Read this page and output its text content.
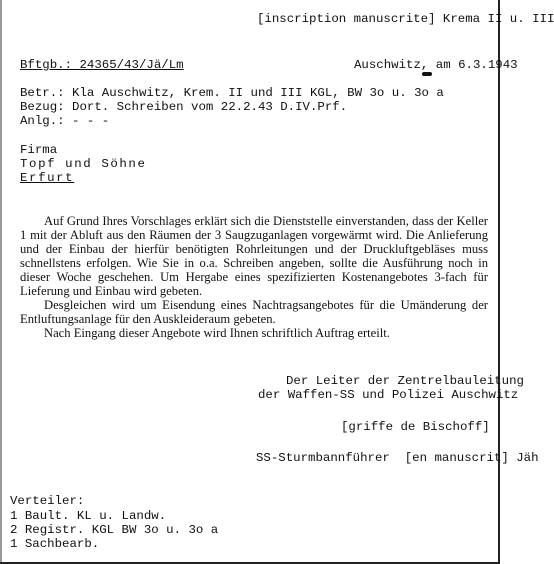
[inscription manuscrite] Krema II u. III
Bftgb.: 24365/43/Jä/Lm	Auschwitz, am 6.3.1943
Betr.: Kla Auschwitz, Krem. II und III KGL, BW 3o u. 3o a
Bezug: Dort. Schreiben vom 22.2.43 D.IV.Prf.
Anlg.: - - -
Firma
Topf und Söhne
Erfurt
Auf Grund Ihres Vorschlages erklärt sich die Dienststelle einverstanden, dass der Keller 1 mit der Abluft aus den Räumen der 3 Saugzuganlagen vorgewärmt wird. Die Anlieferung und der Einbau der hierfür benötigten Rohrleitungen und der Druckluftgebläses muss schnellstens erfolgen. Wie Sie in o.a. Schreiben angeben, sollte die Ausführung noch in dieser Woche geschehen. Um Hergabe eines spezifizierten Kostenangebotes 3-fach für Lieferung und Einbau wird gebeten.
Desgleichen wird um Eisendung eines Nachtragsangebotes für die Umänderung der Entluftungsanlage für den Auskleideraum gebeten.
Nach Eingang dieser Angebote wird Ihnen schriftlich Auftrag erteilt.
Der Leiter der Zentrelbauleitung
der Waffen-SS und Polizei Auschwitz
[griffe de Bischoff]
SS-Sturmbannführer  [en manuscrit] Jäh
Verteiler:
1 Bault. KL u. Landw.
2 Registr. KGL BW 3o u. 3o a
1 Sachbearb.
